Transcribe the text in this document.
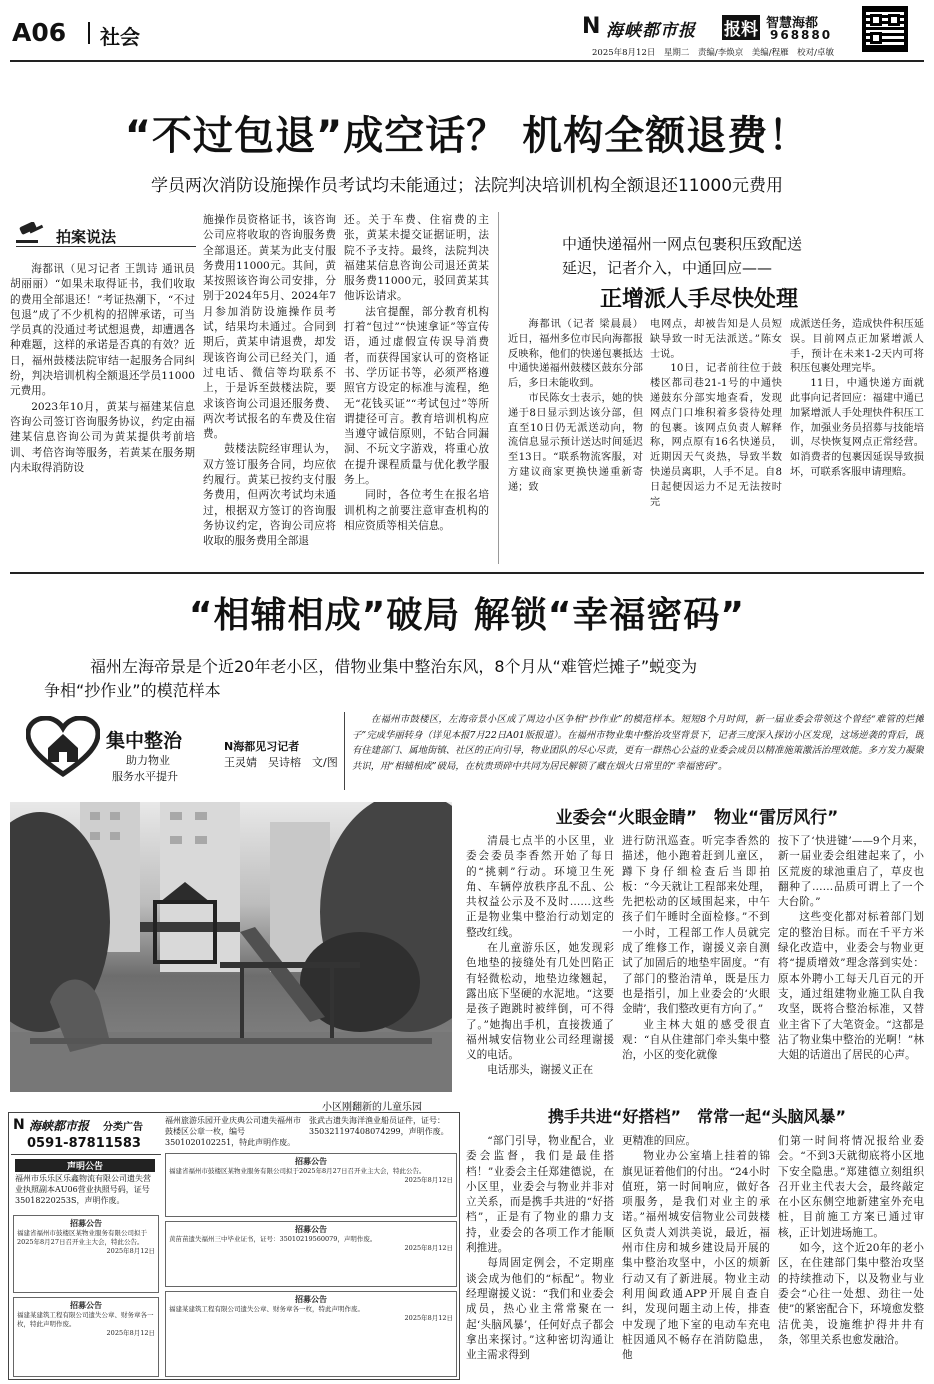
A06 社会	N 海峡都市报 报料 智慧海都
968880
2025年8月12日　星期二　责编/李焕京　美编/程雁　校对/卓敏
“不过包退”成空话？ 机构全额退费！
学员两次消防设施操作员考试均未能通过；法院判决培训机构全额退还11000元费用
拍案说法

海都讯（见习记者 王凯诗 通讯员 胡丽丽）“如果未取得证书，我们收取的费用全部退还！”考证热潮下，“不过包退”成了不少机构的招牌承诺，可当学员真的没通过考试想退费，却遭遇各种难题，这样的承诺是否真的有效？近日，福州鼓楼法院审结一起服务合同纠纷，判决培训机构全额退还学员11000元费用。

2023年10月，黄某与福建某信息咨询公司签订咨询服务协议，约定由福建某信息咨询公司为黄某提供考前培训、考倍咨询等服务，若黄某在服务期内未取得消防设

施操作员资格证书，该咨询公司应将收取的咨询服务费全部退还。黄某为此支付服务费用11000元。其间，黄某按照该咨询公司安排，分别于2024年5月、2024年7月参加消防设施操作员考试，结果均未通过。合同到期后，黄某申请退费，却发现该咨询公司已经关门，通过电话、微信等均联系不上，于是诉至鼓楼法院，要求该咨询公司退还服务费、两次考试报名的车费及住宿费。

鼓楼法院经审理认为，双方签订服务合同，均应依约履行。黄某已按约支付服务费用，但两次考试均未通过，根据双方签订的咨询服务协议约定，咨询公司应将收取的服务费用全部退

还。关于车费、住宿费的主张，黄某未提交证据证明，法院不予支持。最终，法院判决福建某信息咨询公司退还黄某服务费11000元，驳回黄某其他诉讼请求。

法官提醒，部分教育机构打着“包过”“快速拿证”等宣传语，通过虚假宣传误导消费者，而获得国家认可的资格证书、学历证书等，必须严格遵照官方设定的标准与流程，绝无“花钱买证”“考试包过”等所谓捷径可言。教育培训机构应当遵守诚信原则，不钻合同漏洞、不玩文字游戏，将重心放在提升课程质量与优化教学服务上。

同时，各位考生在报名培训机构之前要注意审查机构的相应资质等相关信息。

中通快递福州一网点包裹积压致配送
延迟，记者介入，中通回应——
正增派人手尽快处理

海都讯（记者 梁晨晨）近日，福州多位市民向海都报反映称，他们的快递包裹抵达中通快递福州鼓楼区鼓东分部后，多日未能收到。

市民陈女士表示，她的快递于8日显示到达该分部，但直至10日仍无派送动向，物流信息显示预计送达时间延迟至13日。“联系物流客服，对方建议商家更换快递重新寄递；致

电网点，却被告知是人员短缺导致一时无法派送。”陈女士说。

10日，记者前往位于鼓楼区都司巷21-1号的中通快递鼓东分部实地查看，发现网点门口堆积着多袋待处理的包裹。该网点负责人解释称，网点原有16名快递员，近期因天气炎热，导致半数快递员离职，人手不足。自8日起便因运力不足无法按时完

成派送任务，造成快件积压延误。目前网点正加紧增派人手，预计在未来1-2天内可将积压包裹处理完毕。

11日，中通快递方面就此事向记者回应：福建中通已加紧增派人手处理快件积压工作，加强业务员招募与技能培训，尽快恢复网点正常经营。如消费者的包裹因延误导致损坏，可联系客服申请理赔。

“相辅相成”破局 解锁“幸福密码”
福州左海帝景是个近20年老小区，借物业集中整治东风，8个月从“难管烂摊子”蜕变为
争相“抄作业”的模范样本
集中整治
助力物业
服务水平提升
N海都见习记者
王灵婧　吴诗榕　文/图
在福州市鼓楼区，左海帝景小区成了周边小区争相“抄作业”的模范样本。短短8个月时间，新一届业委会带领这个曾经“难管的烂摊子”完成华丽转身（详见本报7月22日A01版报道）。在福州市物业集中整治攻坚背景下，记者三度深入探访小区发现，这场逆袭的背后，既有住建部门、属地街镇、社区的正向引导，物业团队的尽心尽责，更有一群热心公益的业委会成员以精准施策激活治理效能。多方发力凝聚共识，用“相辅相成”破局，在杭贵琐碎中共同为居民解锁了藏在烟火日常里的“幸福密码”。
小区刚翻新的儿童乐园
业委会“火眼金睛”　物业“雷厉风行”

清晨七点半的小区里，业委会委员李香然开始了每日的“挑刺”行动。环境卫生死角、车辆停放秩序乱不乱、公共权益公示及不及时……这些正是物业集中整治行动划定的整改红线。

在儿童游乐区，她发现彩色地垫的接缝处有几处凹陷正有轻微松动，地垫边缘翘起，露出底下坚硬的水泥地。“这要是孩子跑跳时被绊倒，可不得了。”她掏出手机，直接拨通了福州城安信物业公司经理谢援义的电话。

电话那头，谢援义正在

进行防汛巡查。听完李香然的描述，他小跑着赶到儿童区，蹲下身仔细检查后当即拍板：“今天就让工程部来处理，先把松动的区域围起来，中午孩子们午睡时全面检修。”不到一小时，工程部工作人员就完成了维修工作，谢援义亲自测试了加固后的地垫牢固度。“有了部门的整治清单，既是压力也是指引，加上业委会的‘火眼金睛’，我们整改更有方向了。”

业主林大姐的感受很直观：“自从住建部门牵头集中整治，小区的变化就像

按下了‘快进键’——9个月来，新一届业委会组建起来了，小区荒废的球池重启了，草皮也翻种了……品质可谓上了一个大台阶。”

这些变化都对标着部门划定的整治目标。而在千平方米绿化改造中，业委会与物业更将“提质增效”理念落到实处：原本外聘小工每天几百元的开支，通过组建物业施工队自我攻坚，既将合整治标准，又替业主省下了大笔资金。“这都是沾了物业集中整治的光啊！”林大姐的话道出了居民的心声。

携手共进“好搭档”　常常一起“头脑风暴”

“部门引导，物业配合，业委会监督，我们是最佳搭档！”业委会主任郑建德说，在小区里，业委会与物业并非对立关系，而是携手共进的“好搭档”，正是有了物业的鼎力支持，业委会的各项工作才能顺利推进。

每周固定例会，不定期座谈会成为他们的“标配”。物业经理谢援义说：“我们和业委会成员，热心业主常常聚在一起‘头脑风暴’，任何好点子都会拿出来探讨。”这种密切沟通让业主需求得到

更精准的回应。

物业办公室墙上挂着的锦旗见证着他们的付出。“24小时值班，第一时间响应，做好各项服务，是我们对业主的承诺。”福州城安信物业公司鼓楼区负责人刘洪美说，最近，福州市住房和城乡建设局开展的集中整治攻坚中，小区的烦新行动又有了新进展。物业主动利用闽政通APP开展自查自纠，发现问题主动上传，排查中发现了地下室的电动车充电桩因通风不畅存在消防隐患，他

们第一时间将情况报给业委会。“不到3天就彻底将小区地下安全隐患。”郑建德立刻组织召开业主代表大会，最终敲定在小区东侧空地新建室外充电桩，目前施工方案已通过审核，正计划进场施工。

如今，这个近20年的老小区，在住建部门集中整治攻坚的持续推动下，以及物业与业委会“心往一处想、劲往一处使”的紧密配合下，环境愈发整洁优美，设施维护得井井有条，邻里关系也愈发融洽。

N 海峡都市报 分类广告
0591-87811583
声明公告
福州市乐乐区乐鑫物流有限公司遗失营业执照副本AU06营业执照号码，证号35018220253S，声明作废。
招募公告
福建省福州市鼓楼区某物业服务有限公司拟于2025年8月27日召开业主大会，特此公告。
2025年8月12日
招募公告
福建某建筑工程有限公司遗失公章、财务章各一枚，特此声明作废。
2025年8月12日
福州旅游乐园开业庆典公司遗失福州市鼓楼区公章一枚，编号3501020102251，特此声明作废。
张武古遗失海洋渔业船员证件，证号：350321197408074299，声明作废。
招募公告
福建省福州市鼓楼区某物业服务有限公司拟于2025年8月27日召开业主大会，特此公告。
2025年8月12日
招募公告
黄苗苗遗失福州三中毕业证书，证号：35010219560079，声明作废。
2025年8月12日
招募公告
福建某建筑工程有限公司遗失公章、财务章各一枚，特此声明作废。
2025年8月12日
